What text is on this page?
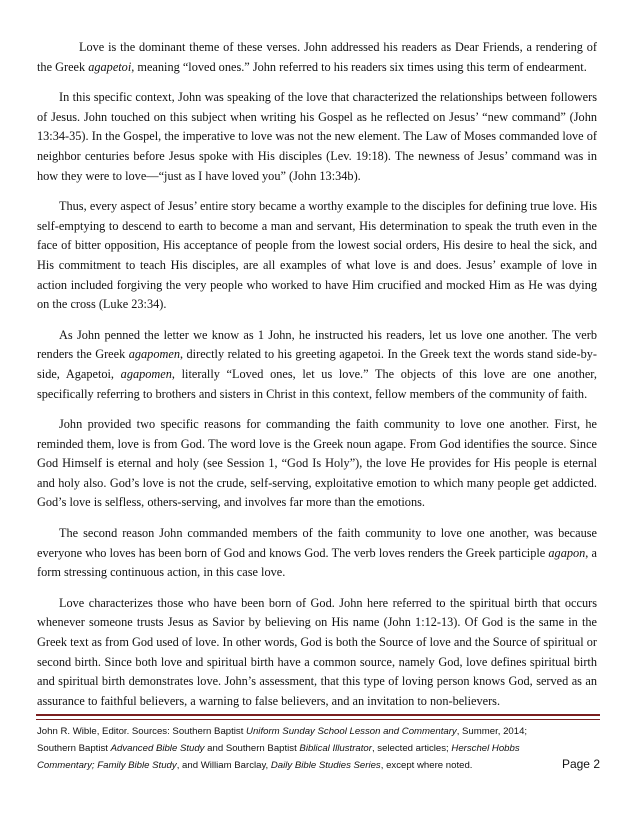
Love is the dominant theme of these verses. John addressed his readers as Dear Friends, a rendering of the Greek agapetoi, meaning “loved ones.” John referred to his readers six times using this term of endearment.

In this specific context, John was speaking of the love that characterized the relationships between followers of Jesus. John touched on this subject when writing his Gospel as he reflected on Jesus’ “new command” (John 13:34-35). In the Gospel, the imperative to love was not the new element. The Law of Moses commanded love of neighbor centuries before Jesus spoke with His disciples (Lev. 19:18). The newness of Jesus’ command was in how they were to love—“just as I have loved you” (John 13:34b).

Thus, every aspect of Jesus’ entire story became a worthy example to the disciples for defining true love. His self-emptying to descend to earth to become a man and servant, His determination to speak the truth even in the face of bitter opposition, His acceptance of people from the lowest social orders, His desire to heal the sick, and His commitment to teach His disciples, are all examples of what love is and does. Jesus’ example of love in action included forgiving the very people who worked to have Him crucified and mocked Him as He was dying on the cross (Luke 23:34).

As John penned the letter we know as 1 John, he instructed his readers, let us love one another. The verb renders the Greek agapomen, directly related to his greeting agapetoi. In the Greek text the words stand side-by-side, Agapetoi, agapomen, literally “Loved ones, let us love.” The objects of this love are one another, specifically referring to brothers and sisters in Christ in this context, fellow members of the community of faith.

John provided two specific reasons for commanding the faith community to love one another. First, he reminded them, love is from God. The word love is the Greek noun agape. From God identifies the source. Since God Himself is eternal and holy (see Session 1, “God Is Holy”), the love He provides for His people is eternal and holy also. God’s love is not the crude, self-serving, exploitative emotion to which many people get addicted. God’s love is selfless, others-serving, and involves far more than the emotions.

The second reason John commanded members of the faith community to love one another, was because everyone who loves has been born of God and knows God. The verb loves renders the Greek participle agapon, a form stressing continuous action, in this case love.

Love characterizes those who have been born of God. John here referred to the spiritual birth that occurs whenever someone trusts Jesus as Savior by believing on His name (John 1:12-13). Of God is the same in the Greek text as from God used of love. In other words, God is both the Source of love and the Source of spiritual or second birth. Since both love and spiritual birth have a common source, namely God, love defines spiritual birth and spiritual birth demonstrates love. John’s assessment, that this type of loving person knows God, served as an assurance to faithful believers, a warning to false believers, and an invitation to non-believers.

John R. Wible, Editor. Sources: Southern Baptist Uniform Sunday School Lesson and Commentary, Summer, 2014; Southern Baptist Advanced Bible Study and Southern Baptist Biblical Illustrator, selected articles; Herschel Hobbs Commentary; Family Bible Study, and William Barclay, Daily Bible Studies Series, except where noted.	Page 2
